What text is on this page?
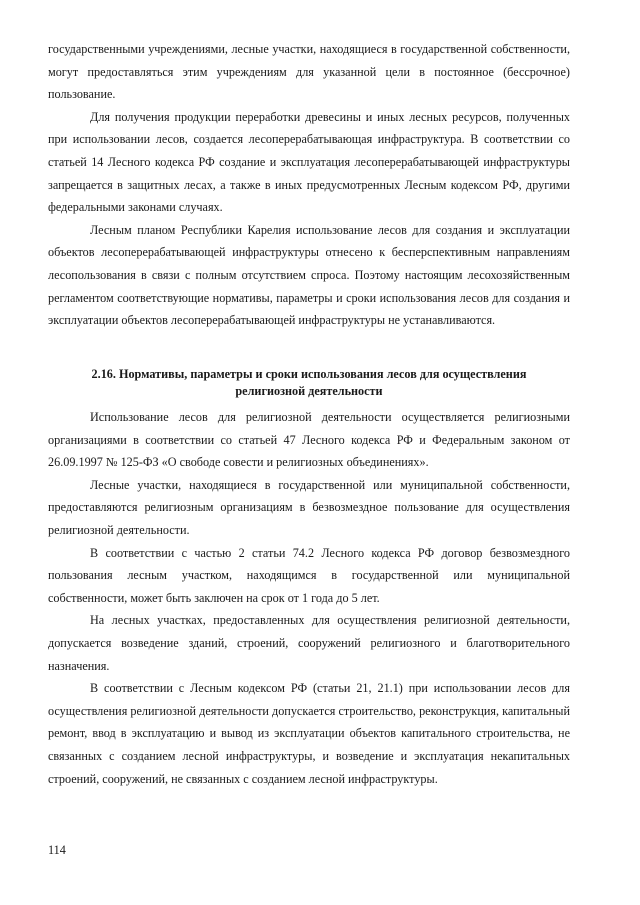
государственными учреждениями, лесные участки, находящиеся в государственной собственности, могут предоставляться этим учреждениям для указанной цели в постоянное (бессрочное) пользование.

Для получения продукции переработки древесины и иных лесных ресурсов, полученных при использовании лесов, создается лесоперерабатывающая инфраструктура. В соответствии со статьей 14 Лесного кодекса РФ создание и эксплуатация лесоперерабатывающей инфраструктуры запрещается в защитных лесах, а также в иных предусмотренных Лесным кодексом РФ, другими федеральными законами случаях.

Лесным планом Республики Карелия использование лесов для создания и эксплуатации объектов лесоперерабатывающей инфраструктуры отнесено к бесперспективным направлениям лесопользования в связи с полным отсутствием спроса. Поэтому настоящим лесохозяйственным регламентом соответствующие нормативы, параметры и сроки использования лесов для создания и эксплуатации объектов лесоперерабатывающей инфраструктуры не устанавливаются.

2.16. Нормативы, параметры и сроки использования лесов для осуществления
религиозной деятельности

Использование лесов для религиозной деятельности осуществляется религиозными организациями в соответствии со статьей 47 Лесного кодекса РФ и Федеральным законом от 26.09.1997 № 125-ФЗ «О свободе совести и религиозных объединениях».

Лесные участки, находящиеся в государственной или муниципальной собственности, предоставляются религиозным организациям в безвозмездное пользование для осуществления религиозной деятельности.

В соответствии с частью 2 статьи 74.2 Лесного кодекса РФ договор безвозмездного пользования лесным участком, находящимся в государственной или муниципальной собственности, может быть заключен на срок от 1 года до 5 лет.

На лесных участках, предоставленных для осуществления религиозной деятельности, допускается возведение зданий, строений, сооружений религиозного и благотворительного назначения.

В соответствии с Лесным кодексом РФ (статьи 21, 21.1) при использовании лесов для осуществления религиозной деятельности допускается строительство, реконструкция, капитальный ремонт, ввод в эксплуатацию и вывод из эксплуатации объектов капитального строительства, не связанных с созданием лесной инфраструктуры, и возведение и эксплуатация некапитальных строений, сооружений, не связанных с созданием лесной инфраструктуры.

114
